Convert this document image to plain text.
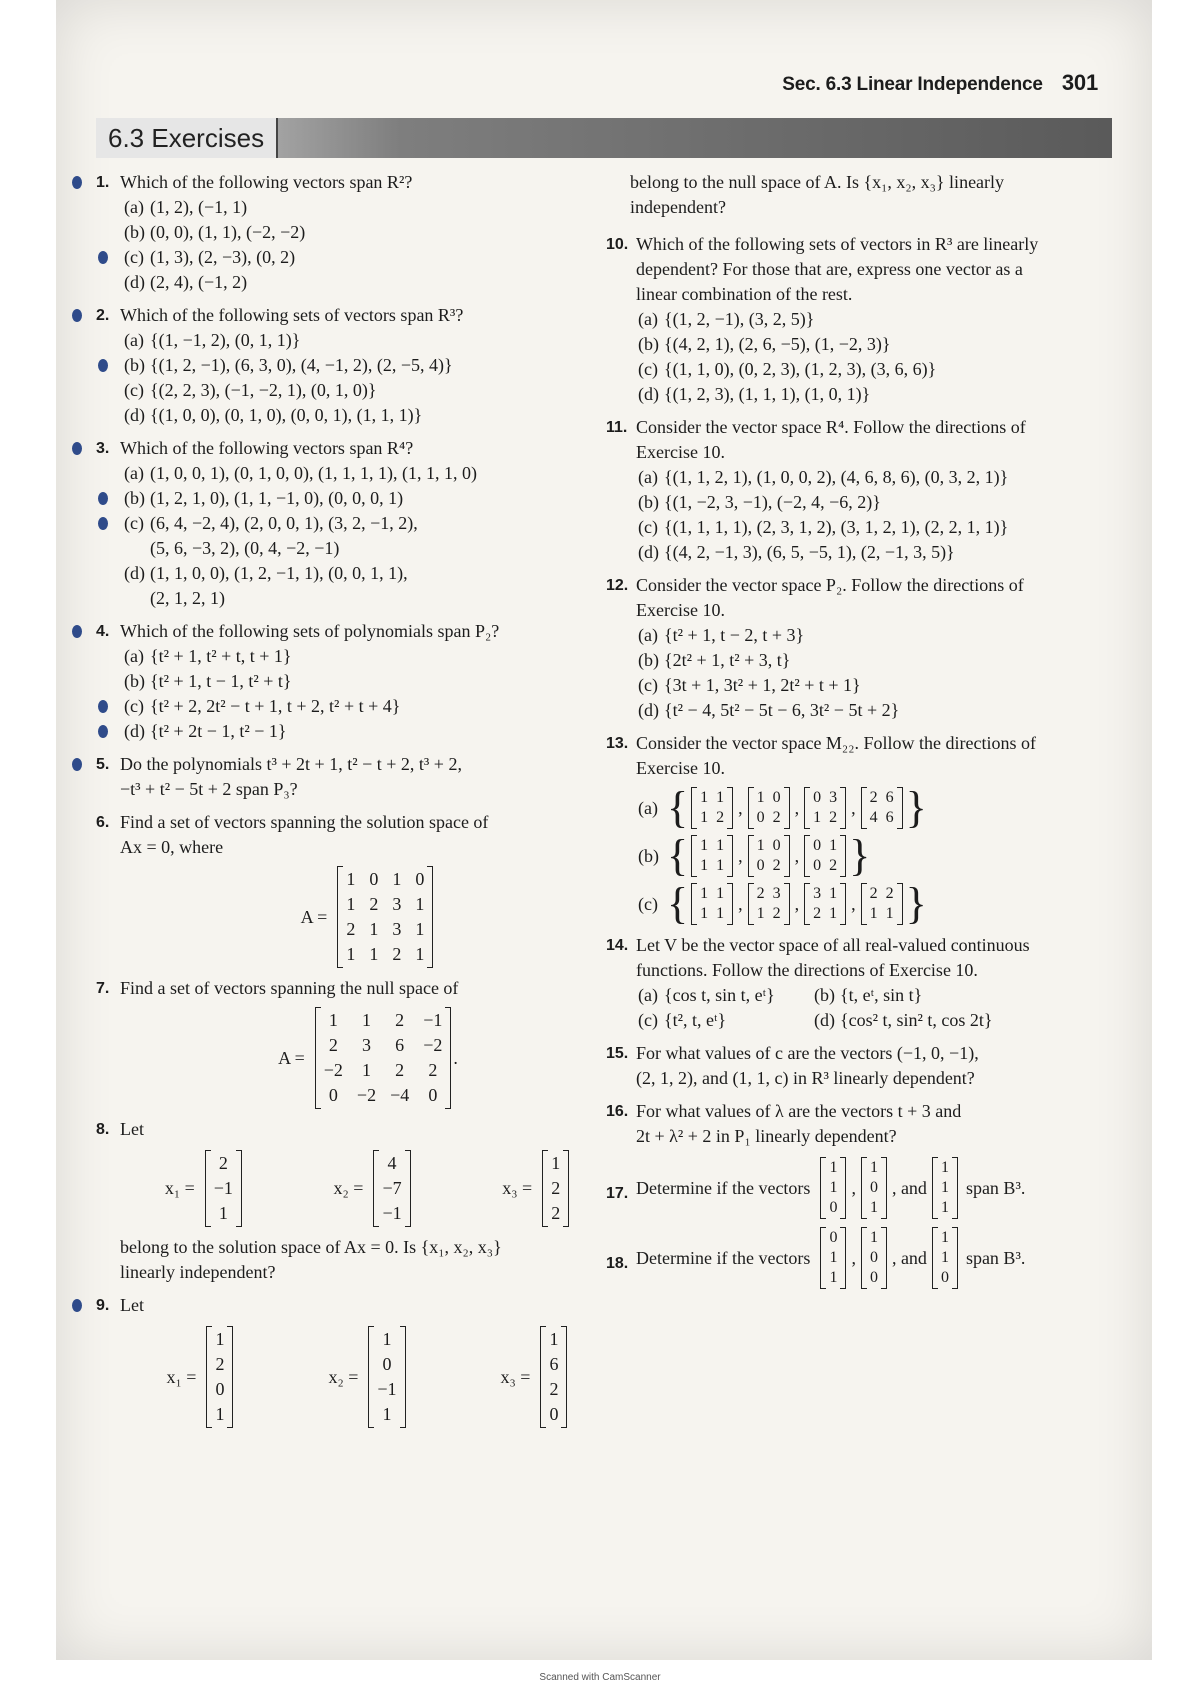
Sec. 6.3 Linear Independence 301
6.3 Exercises
1. Which of the following vectors span R²?
(a) (1, 2), (−1, 1)
(b) (0, 0), (1, 1), (−2, −2)
(c) (1, 3), (2, −3), (0, 2)
(d) (2, 4), (−1, 2)
2. Which of the following sets of vectors span R³?
(a) {(1, −1, 2), (0, 1, 1)}
(b) {(1, 2, −1), (6, 3, 0), (4, −1, 2), (2, −5, 4)}
(c) {(2, 2, 3), (−1, −2, 1), (0, 1, 0)}
(d) {(1, 0, 0), (0, 1, 0), (0, 0, 1), (1, 1, 1)}
3. Which of the following vectors span R⁴?
(a) (1, 0, 0, 1), (0, 1, 0, 0), (1, 1, 1, 1), (1, 1, 1, 0)
(b) (1, 2, 1, 0), (1, 1, −1, 0), (0, 0, 0, 1)
(c) (6, 4, −2, 4), (2, 0, 0, 1), (3, 2, −1, 2),
(5, 6, −3, 2), (0, 4, −2, −1)
(d) (1, 1, 0, 0), (1, 2, −1, 1), (0, 0, 1, 1),
(2, 1, 2, 1)
4. Which of the following sets of polynomials span P₂?
(a) {t² + 1, t² + t, t + 1}
(b) {t² + 1, t − 1, t² + t}
(c) {t² + 2, 2t² − t + 1, t + 2, t² + t + 4}
(d) {t² + 2t − 1, t² − 1}
5. Do the polynomials t³ + 2t + 1, t² − t + 2, t³ + 2,
−t³ + t² − 5t + 2 span P₃?
6. Find a set of vectors spanning the solution space of
Ax = 0, where
A =
1 0 1 0
1 2 3 1
2 1 3 1
1 1 2 1
7. Find a set of vectors spanning the null space of
A =
1 1 2 −1
2 3 6 −2
−2 1 2 2
0 −2 −4 0
.
8. Let
x₁ =
2
−1
1
x₂ =
4
−7
−1
x₃ =
1
2
2
belong to the solution space of Ax = 0. Is {x₁, x₂, x₃}
linearly independent?
9. Let
x₁ =
1
2
0
1
x₂ =
1
0
−1
1
x₃ =
1
6
2
0
belong to the null space of A. Is {x₁, x₂, x₃} linearly
independent?
10. Which of the following sets of vectors in R³ are linearly
dependent? For those that are, express one vector as a
linear combination of the rest.
(a) {(1, 2, −1), (3, 2, 5)}
(b) {(4, 2, 1), (2, 6, −5), (1, −2, 3)}
(c) {(1, 1, 0), (0, 2, 3), (1, 2, 3), (3, 6, 6)}
(d) {(1, 2, 3), (1, 1, 1), (1, 0, 1)}
11. Consider the vector space R⁴. Follow the directions of
Exercise 10.
(a) {(1, 1, 2, 1), (1, 0, 0, 2), (4, 6, 8, 6), (0, 3, 2, 1)}
(b) {(1, −2, 3, −1), (−2, 4, −6, 2)}
(c) {(1, 1, 1, 1), (2, 3, 1, 2), (3, 1, 2, 1), (2, 2, 1, 1)}
(d) {(4, 2, −1, 3), (6, 5, −5, 1), (2, −1, 3, 5)}
12. Consider the vector space P₂. Follow the directions of
Exercise 10.
(a) {t² + 1, t − 2, t + 3}
(b) {2t² + 1, t² + 3, t}
(c) {3t + 1, 3t² + 1, 2t² + t + 1}
(d) {t² − 4, 5t² − 5t − 6, 3t² − 5t + 2}
13. Consider the vector space M₂₂. Follow the directions of
Exercise 10.
(a) { 1 1
1 2 , 1 0
0 2 , 0 3
1 2 , 2 6
4 6 }
(b) { 1 1
1 1 , 1 0
0 2 , 0 1
0 2 }
(c) { 1 1
1 1 , 2 3
1 2 , 3 1
2 1 , 2 2
1 1 }
14. Let V be the vector space of all real-valued continuous
functions. Follow the directions of Exercise 10.
(a) {cos t, sin t, eᵗ} (b) {t, eᵗ, sin t}
(c) {t², t, eᵗ}	(d) {cos² t, sin² t, cos 2t}
15. For what values of c are the vectors (−1, 0, −1),
(2, 1, 2), and (1, 1, c) in R³ linearly dependent?
16. For what values of λ are the vectors t + 3 and
2t + λ² + 2 in P₁ linearly dependent?
17. Determine if the vectors
1
1
0
,
1
0
1
, and
1
1
1
span B³.
18. Determine if the vectors
0
1
1
,
1
0
0
, and
1
1
0
span B³.
Scanned with CamScanner
